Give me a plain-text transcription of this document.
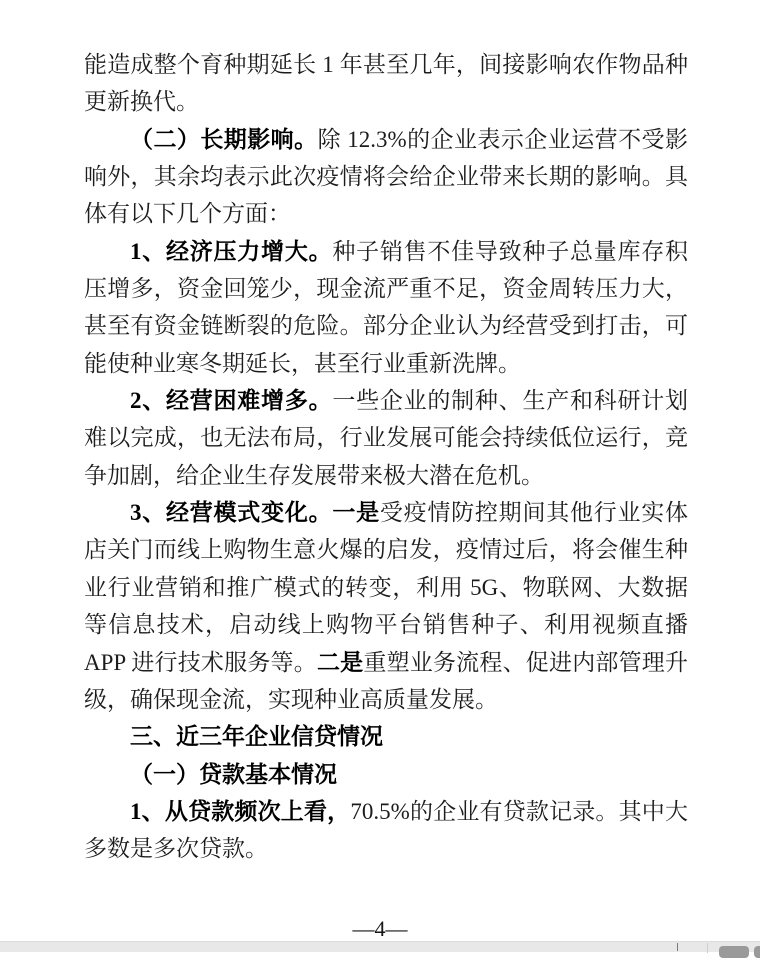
能造成整个育种期延长 1 年甚至几年，间接影响农作物品种更新换代。

（二）长期影响。除 12.3%的企业表示企业运营不受影响外，其余均表示此次疫情将会给企业带来长期的影响。具体有以下几个方面：

1、经济压力增大。种子销售不佳导致种子总量库存积压增多，资金回笼少，现金流严重不足，资金周转压力大，甚至有资金链断裂的危险。部分企业认为经营受到打击，可能使种业寒冬期延长，甚至行业重新洗牌。

2、经营困难增多。一些企业的制种、生产和科研计划难以完成，也无法布局，行业发展可能会持续低位运行，竞争加剧，给企业生存发展带来极大潜在危机。

3、经营模式变化。一是受疫情防控期间其他行业实体店关门而线上购物生意火爆的启发，疫情过后，将会催生种业行业营销和推广模式的转变，利用 5G、物联网、大数据等信息技术，启动线上购物平台销售种子、利用视频直播 APP 进行技术服务等。二是重塑业务流程、促进内部管理升级，确保现金流，实现种业高质量发展。

三、近三年企业信贷情况

（一）贷款基本情况

1、从贷款频次上看，70.5%的企业有贷款记录。其中大多数是多次贷款。

—4—
